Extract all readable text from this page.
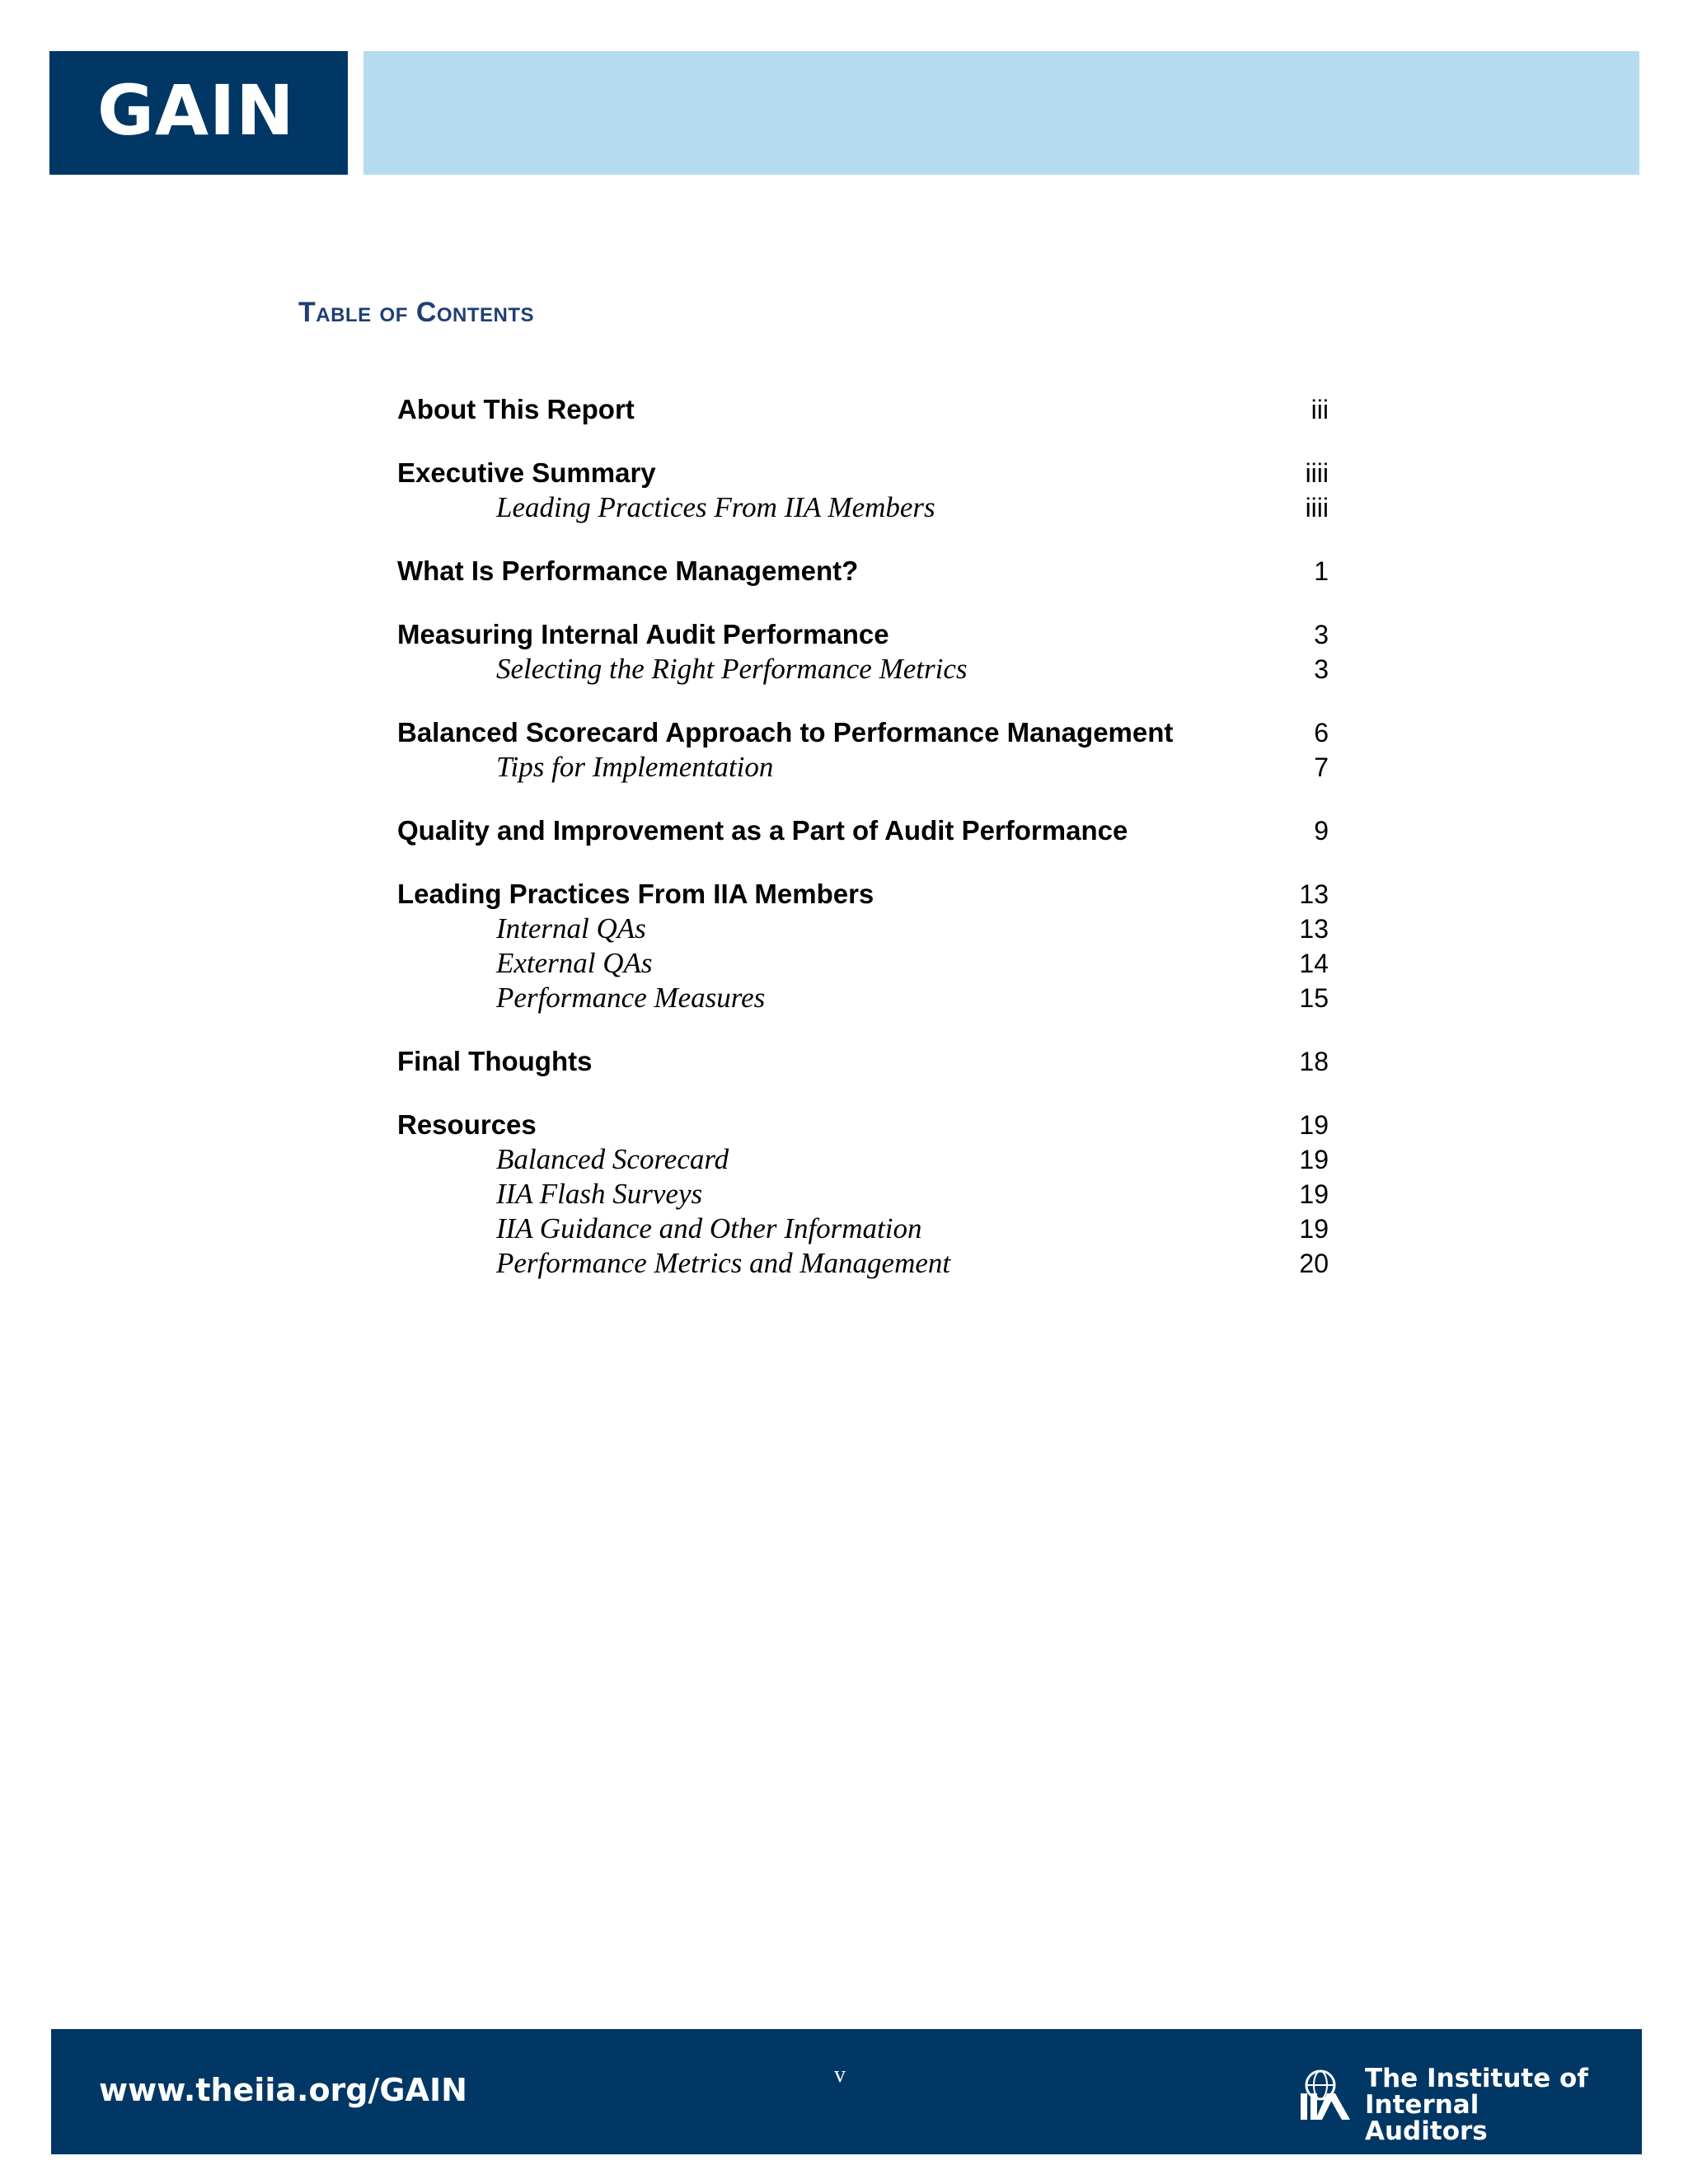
GAIN
Table of Contents
About This Report	iii
Executive Summary	iiii
Leading Practices From IIA Members	iiii
What Is Performance Management?	1
Measuring Internal Audit Performance	3
Selecting the Right Performance Metrics	3
Balanced Scorecard Approach to Performance Management	6
Tips for Implementation	7
Quality and Improvement as a Part of Audit Performance	9
Leading Practices From IIA Members	13
Internal QAs	13
External QAs	14
Performance Measures	15
Final Thoughts	18
Resources	19
Balanced Scorecard	19
IIA Flash Surveys	19
IIA Guidance and Other Information	19
Performance Metrics and Management	20
www.theiia.org/GAIN	v	The Institute of
Internal Auditors
